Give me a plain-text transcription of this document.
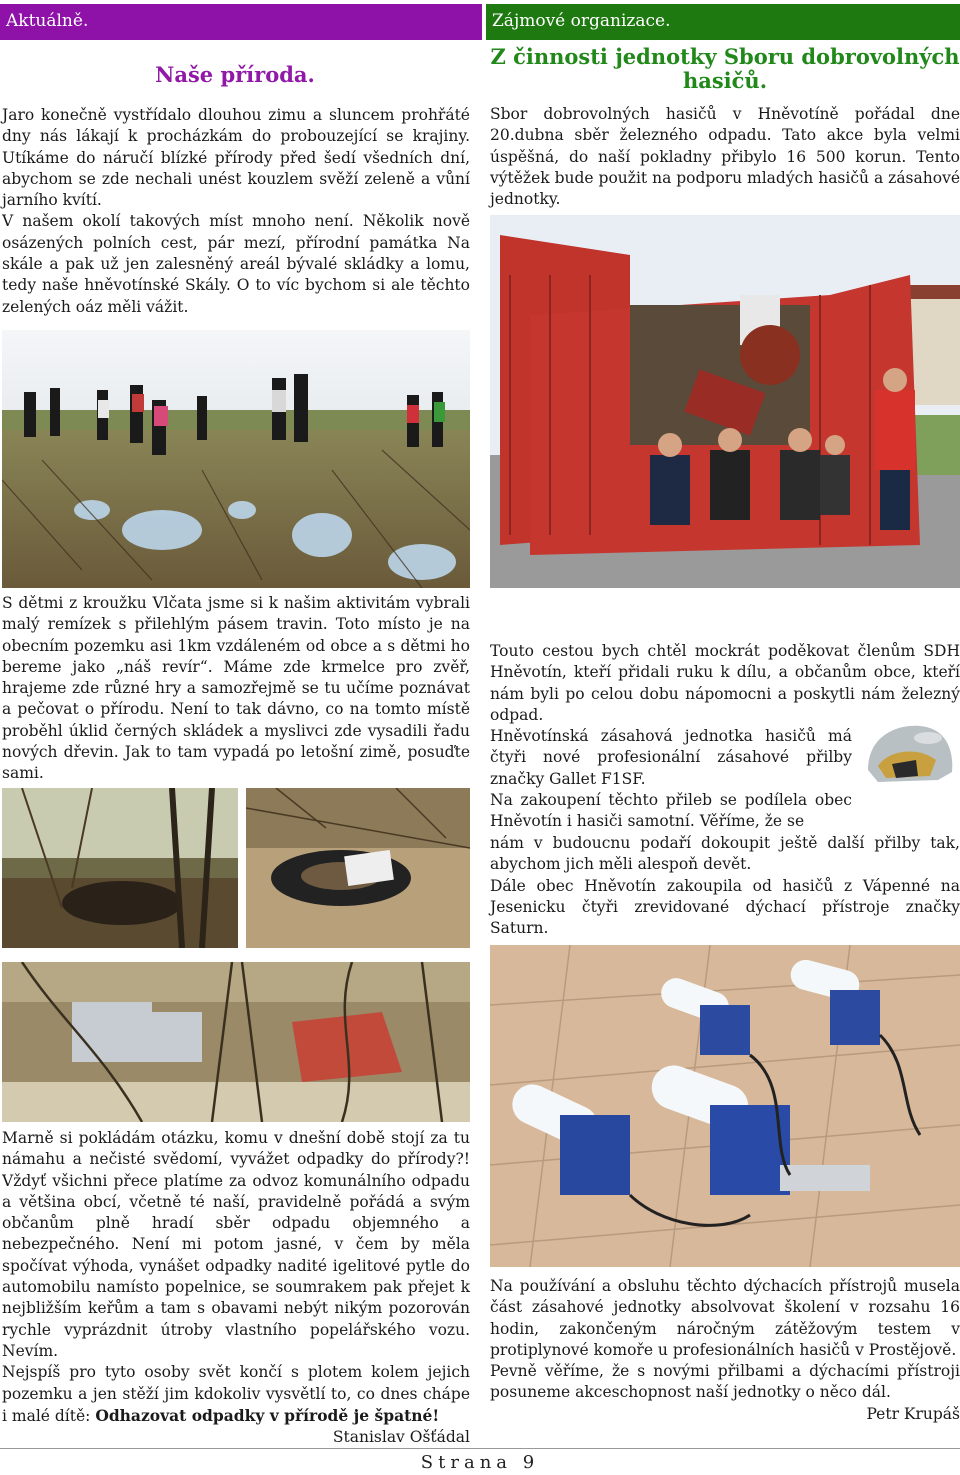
Aktuálně.	Zájmové organizace.
Naše příroda.

Jaro konečně vystřídalo dlouhou zimu a sluncem prohřáté dny nás lákají k procházkám do probouzející se krajiny. Utíkáme do náručí blízké přírody před šedí všedních dní, abychom se zde nechali unést kouzlem svěží zeleně a vůní jarního kvítí.

V našem okolí takových míst mnoho není. Několik nově osázených polních cest, pár mezí, přírodní památka Na skále a pak už jen zalesněný areál bývalé skládky a lomu, tedy naše hněvotínské Skály. O to víc bychom si ale těchto zelených oáz měli vážit.

S dětmi z kroužku Vlčata jsme si k našim aktivitám vybrali malý remízek s přilehlým pásem travin. Toto místo je na obecním pozemku asi 1km vzdáleném od obce a s dětmi ho bereme jako „náš revír“. Máme zde krmelce pro zvěř, hrajeme zde různé hry a samozřejmě se tu učíme poznávat a pečovat o přírodu. Není to tak dávno, co na tomto místě proběhl úklid černých skládek a myslivci zde vysadili řadu nových dřevin. Jak to tam vypadá po letošní zimě, posuďte sami.

Marně si pokládám otázku, komu v dnešní době stojí za tu námahu a nečisté svědomí, vyvážet odpadky do přírody?! Vždyť všichni přece platíme za odvoz komunálního odpadu a většina obcí, včetně té naší, pravidelně pořádá a svým občanům plně hradí sběr odpadu objemného a nebezpečného. Není mi potom jasné, v čem by měla spočívat výhoda, vynášet odpadky nadité igelitové pytle do automobilu namísto popelnice, se soumrakem pak přejet k nejbližším keřům a tam s obavami nebýt nikým pozorován rychle vyprázdnit útroby vlastního popelářského vozu. Nevím.

Nejspíš pro tyto osoby svět končí s plotem kolem jejich pozemku a jen stěží jim kdokoliv vysvětlí to, co dnes chápe i malé dítě: Odhazovat odpadky v přírodě je špatné!

Stanislav Ošťádal

Z činnosti jednotky Sboru dobrovolných hasičů.

Sbor dobrovolných hasičů v Hněvotíně pořádal dne 20.dubna sběr železného odpadu. Tato akce byla velmi úspěšná, do naší pokladny přibylo 16 500 korun. Tento výtěžek bude použit na podporu mladých hasičů a zásahové jednotky.

Touto cestou bych chtěl mockrát poděkovat členům SDH Hněvotín, kteří přidali ruku k dílu, a občanům obce, kteří nám byli po celou dobu nápomocni a poskytli nám železný odpad.

Hněvotínská zásahová jednotka hasičů má čtyři nové profesionální zásahové přilby značky Gallet F1SF.

Na zakoupení těchto přileb se podílela obec Hněvotín i hasiči samotní. Věříme, že se

nám v budoucnu podaří dokoupit ještě další přilby tak, abychom jich měli alespoň devět.

Dále obec Hněvotín zakoupila od hasičů z Vápenné na Jesenicku čtyři zrevidované dýchací přístroje značky Saturn.

Na používání a obsluhu těchto dýchacích přístrojů musela část zásahové jednotky absolvovat školení v rozsahu 16 hodin, zakončeným náročným zátěžovým testem v protiplynové komoře u profesionálních hasičů v Prostějově.

Pevně věříme, že s novými přilbami a dýchacími přístroji posuneme akceschopnost naší jednotky o něco dál.

Petr Krupáš

Strana 9
